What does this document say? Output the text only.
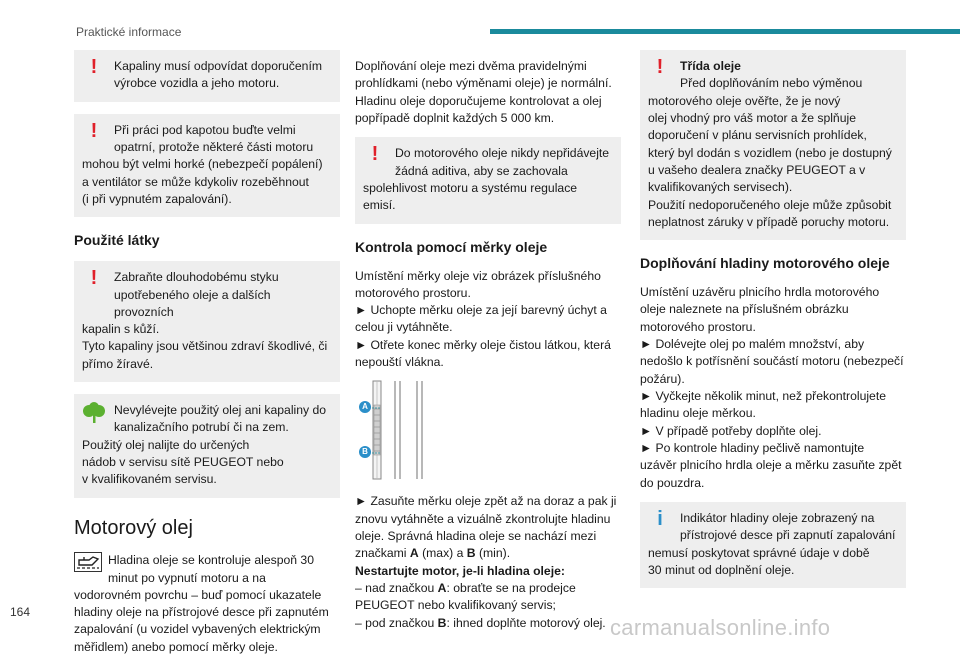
Praktické informace
!	Kapaliny musí odpovídat doporučením
výrobce vozidla a jeho motoru.
!	Při práci pod kapotou buďte velmi
opatrní, protože některé části motoru
mohou být velmi horké (nebezpečí popálení)
a ventilátor se může kdykoliv rozeběhnout
(i při vypnutém zapalování).
Použité látky
!	Zabraňte dlouhodobému styku
upotřebeného oleje a dalších provozních
kapalin s kůží.
Tyto kapaliny jsou většinou zdraví škodlivé, či
přímo žíravé.
Nevylévejte použitý olej ani kapaliny do
kanalizačního potrubí či na zem.
Použitý olej nalijte do určených
nádob v servisu sítě PEUGEOT nebo
v kvalifikovaném servisu.
Motorový olej
Hladina oleje se kontroluje alespoň 30
minut po vypnutí motoru a na
vodorovném povrchu – buď pomocí ukazatele
hladiny oleje na přístrojové desce při zapnutém
zapalování (u vozidel vybavených elektrickým
měřidlem) anebo pomocí měrky oleje.
Doplňování oleje mezi dvěma pravidelnými
prohlídkami (nebo výměnami oleje) je normální.
Hladinu oleje doporučujeme kontrolovat a olej
popřípadě doplnit každých 5 000 km.
!	Do motorového oleje nikdy nepřidávejte
žádná aditiva, aby se zachovala
spolehlivost motoru a systému regulace
emisí.
Kontrola pomocí měrky oleje
Umístění měrky oleje viz obrázek příslušného
motorového prostoru.
► Uchopte měrku oleje za její barevný úchyt a
celou ji vytáhněte.
► Otřete konec měrky oleje čistou látkou, která
nepouští vlákna.
A
B
► Zasuňte měrku oleje zpět až na doraz a pak ji
znovu vytáhněte a vizuálně zkontrolujte hladinu
oleje. Správná hladina oleje se nachází mezi
značkami A (max) a B (min).
Nestartujte motor, je-li hladina oleje:
– nad značkou A: obraťte se na prodejce
PEUGEOT nebo kvalifikovaný servis;
– pod značkou B: ihned doplňte motorový olej.
!	Třída oleje
Před doplňováním nebo výměnou
motorového oleje ověřte, že je nový
olej vhodný pro váš motor a že splňuje
doporučení v plánu servisních prohlídek,
který byl dodán s vozidlem (nebo je dostupný
u vašeho dealera značky PEUGEOT a v
kvalifikovaných servisech).
Použití nedoporučeného oleje může způsobit
neplatnost záruky v případě poruchy motoru.
Doplňování hladiny motorového oleje
Umístění uzávěru plnicího hrdla motorového
oleje naleznete na příslušném obrázku
motorového prostoru.
► Dolévejte olej po malém množství, aby
nedošlo k potřísnění součástí motoru (nebezpečí
požáru).
► Vyčkejte několik minut, než překontrolujete
hladinu oleje měrkou.
► V případě potřeby doplňte olej.
► Po kontrole hladiny pečlivě namontujte
uzávěr plnicího hrdla oleje a měrku zasuňte zpět
do pouzdra.
i	Indikátor hladiny oleje zobrazený na
přístrojové desce při zapnutí zapalování
nemusí poskytovat správné údaje v době
30 minut od doplnění oleje.
164
carmanualsonline.info
